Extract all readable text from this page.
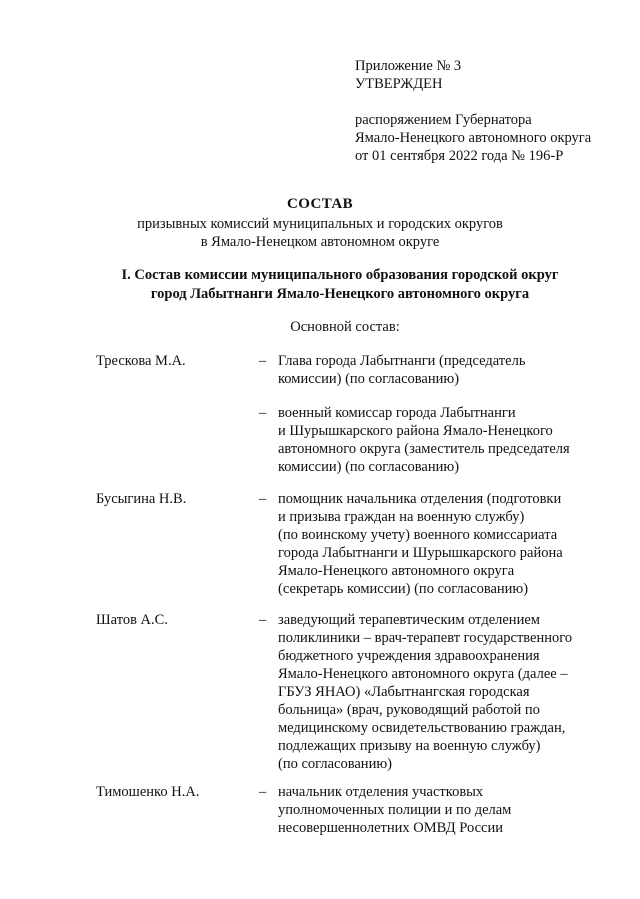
Приложение № 3
УТВЕРЖДЕН
распоряжением Губернатора
Ямало-Ненецкого автономного округа
от 01 сентября 2022 года № 196-Р
СОСТАВ
призывных комиссий муниципальных и городских округов
в Ямало-Ненецком автономном округе
I. Состав комиссии муниципального образования городской округ
город Лабытнанги Ямало-Ненецкого автономного округа
Основной состав:
Трескова М.А.	– Глава города Лабытнанги (председатель
комиссии) (по согласованию)
– военный комиссар города Лабытнанги
и Шурышкарского района Ямало-Ненецкого
автономного округа (заместитель председателя
комиссии) (по согласованию)
Бусыгина Н.В.	– помощник начальника отделения (подготовки
и призыва граждан на военную службу)
(по воинскому учету) военного комиссариата
города Лабытнанги и Шурышкарского района
Ямало-Ненецкого автономного округа
(секретарь комиссии) (по согласованию)
Шатов А.С.	– заведующий терапевтическим отделением
поликлиники – врач-терапевт государственного
бюджетного учреждения здравоохранения
Ямало-Ненецкого автономного округа (далее –
ГБУЗ ЯНАО) «Лабытнангская городская
больница» (врач, руководящий работой по
медицинскому освидетельствованию граждан,
подлежащих призыву на военную службу)
(по согласованию)
Тимошенко Н.А.	– начальник отделения участковых
уполномоченных полиции и по делам
несовершеннолетних ОМВД России
